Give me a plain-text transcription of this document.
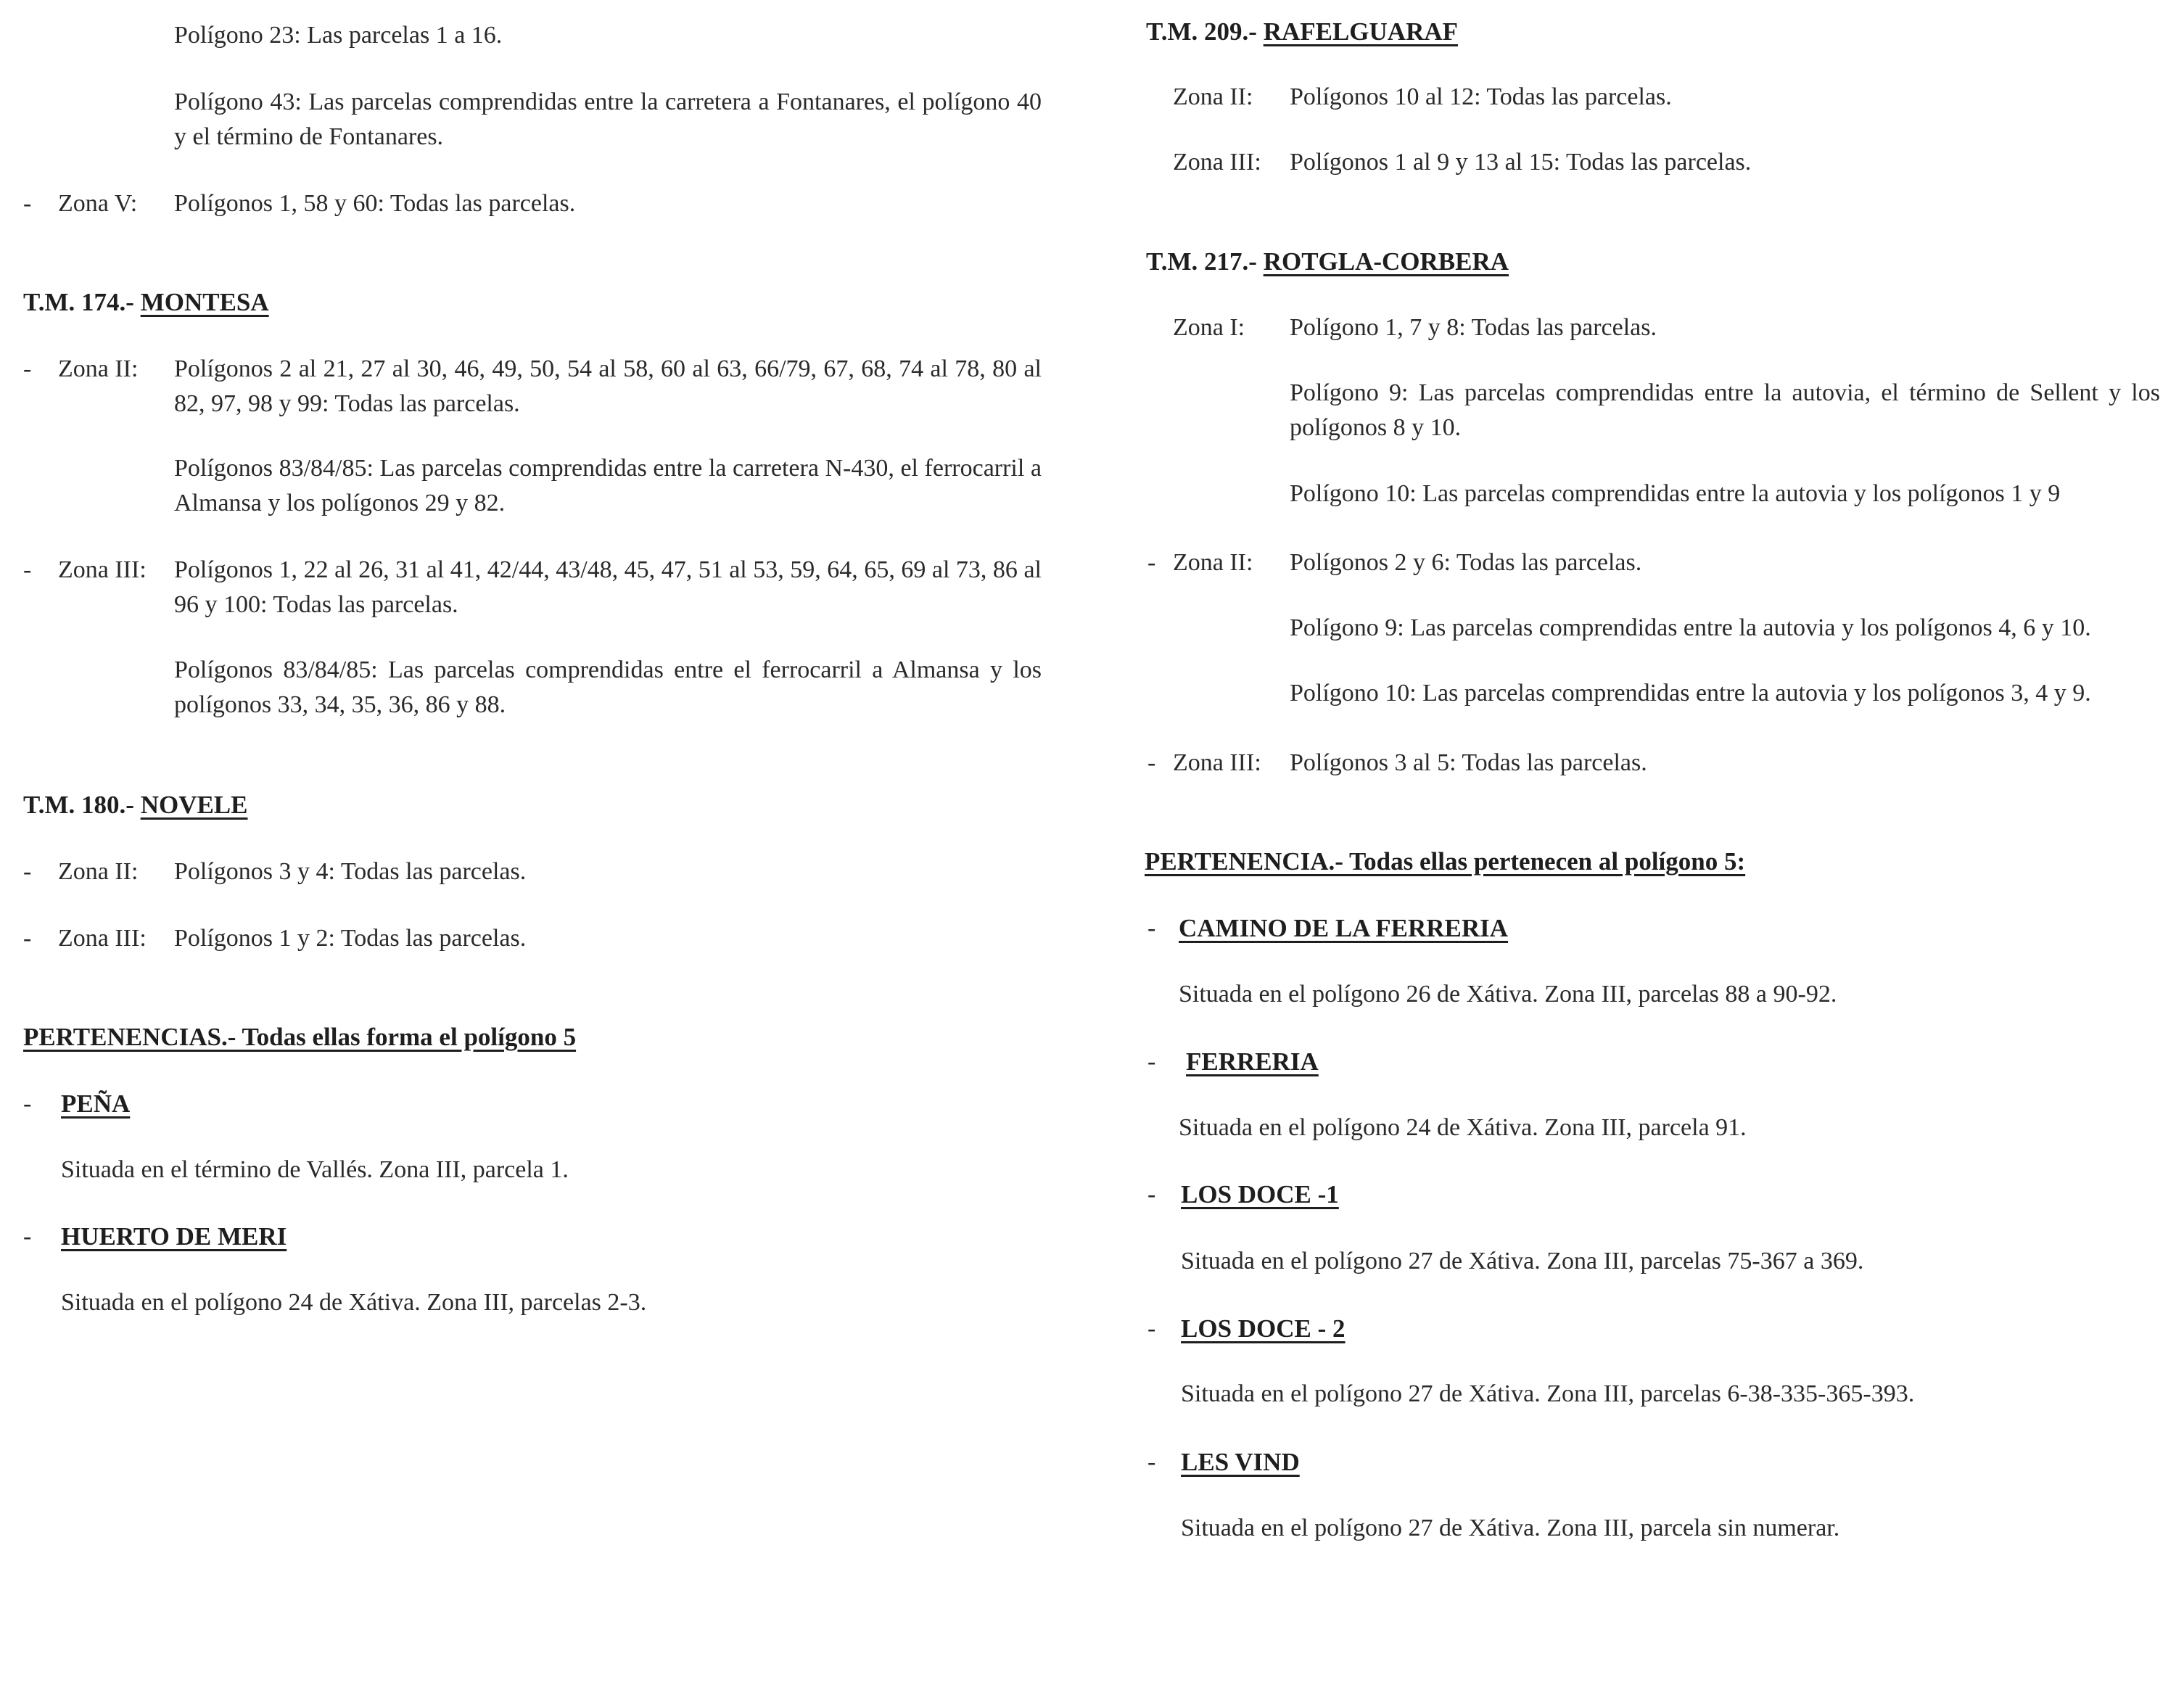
Polígono 23: Las parcelas 1 a 16.
Polígono 43: Las parcelas comprendidas entre la carretera a Fontanares, el polígono 40 y el término de Fontanares.
- Zona V: Polígonos 1, 58 y 60: Todas las parcelas.
T.M. 174.- MONTESA
- Zona II: Polígonos 2 al 21, 27 al 30, 46, 49, 50, 54 al 58, 60 al 63, 66/79, 67, 68, 74 al 78, 80 al 82, 97, 98 y 99: Todas las parcelas.
Polígonos 83/84/85: Las parcelas comprendidas entre la carretera N-430, el ferrocarril a Almansa y los polígonos 29 y 82.
- Zona III: Polígonos 1, 22 al 26, 31 al 41, 42/44, 43/48, 45, 47, 51 al 53, 59, 64, 65, 69 al 73, 86 al 96 y 100: Todas las parcelas.
Polígonos 83/84/85: Las parcelas comprendidas entre el ferrocarril a Almansa y los polígonos 33, 34, 35, 36, 86 y 88.
T.M. 180.- NOVELE
- Zona II: Polígonos 3 y 4: Todas las parcelas.
- Zona III: Polígonos 1 y 2: Todas las parcelas.
PERTENENCIAS.- Todas ellas forma el polígono 5
- PEÑA
Situada en el término de Vallés. Zona III, parcela 1.
- HUERTO DE MERI
Situada en el polígono 24 de Xátiva. Zona III, parcelas 2-3.
T.M. 209.- RAFELGUARAF
Zona II: Polígonos 10 al 12: Todas las parcelas.
Zona III: Polígonos 1 al 9 y 13 al 15: Todas las parcelas.
T.M. 217.- ROTGLA-CORBERA
Zona I: Polígono 1, 7 y 8: Todas las parcelas.
Polígono 9: Las parcelas comprendidas entre la autovia, el término de Sellent y los polígonos 8 y 10.
Polígono 10: Las parcelas comprendidas entre la autovia y los polígonos 1 y 9
- Zona II: Polígonos 2 y 6: Todas las parcelas.
Polígono 9: Las parcelas comprendidas entre la autovia y los polígonos 4, 6 y 10.
Polígono 10: Las parcelas comprendidas entre la autovia y los polígonos 3, 4 y 9.
- Zona III: Polígonos 3 al 5: Todas las parcelas.
PERTENENCIA.- Todas ellas pertenecen al polígono 5:
- CAMINO DE LA FERRERIA
Situada en el polígono 26 de Xátiva. Zona III, parcelas 88 a 90-92.
- FERRERIA
Situada en el polígono 24 de Xátiva. Zona III, parcela 91.
- LOS DOCE -1
Situada en el polígono 27 de Xátiva. Zona III, parcelas 75-367 a 369.
- LOS DOCE - 2
Situada en el polígono 27 de Xátiva. Zona III, parcelas 6-38-335-365-393.
- LES VIND
Situada en el polígono 27 de Xátiva. Zona III, parcela sin numerar.
